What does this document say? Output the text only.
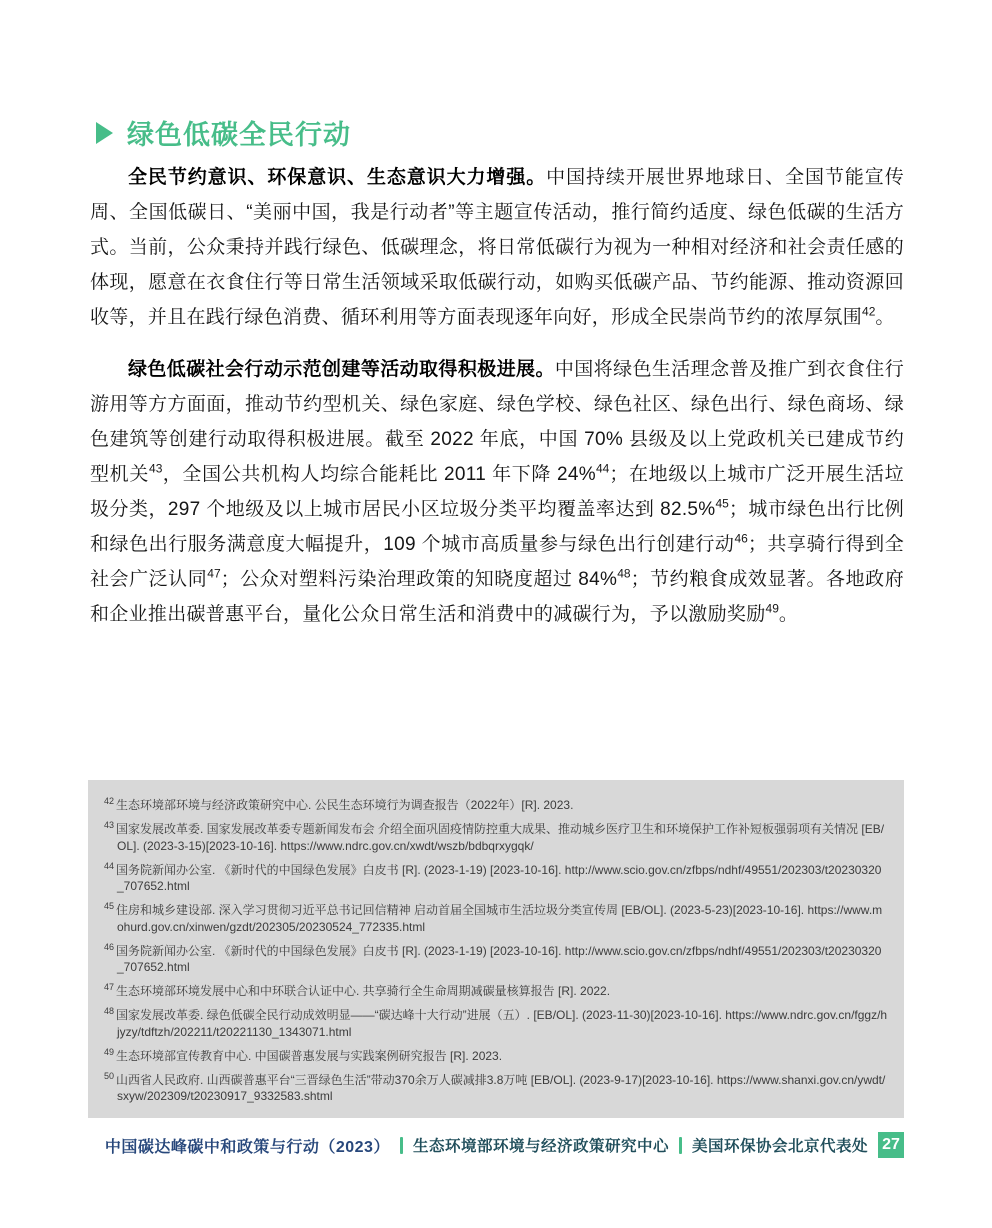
绿色低碳全民行动

全民节约意识、环保意识、生态意识大力增强。中国持续开展世界地球日、全国节能宣传周、全国低碳日、“美丽中国，我是行动者”等主题宣传活动，推行简约适度、绿色低碳的生活方式。当前，公众秉持并践行绿色、低碳理念，将日常低碳行为视为一种相对经济和社会责任感的体现，愿意在衣食住行等日常生活领域采取低碳行动，如购买低碳产品、节约能源、推动资源回收等，并且在践行绿色消费、循环利用等方面表现逐年向好，形成全民崇尚节约的浓厚氛围$^{42}$。

绿色低碳社会行动示范创建等活动取得积极进展。中国将绿色生活理念普及推广到衣食住行游用等方方面面，推动节约型机关、绿色家庭、绿色学校、绿色社区、绿色出行、绿色商场、绿色建筑等创建行动取得积极进展。截至 2022 年底，中国 70% 县级及以上党政机关已建成节约型机关$^{43}$，全国公共机构人均综合能耗比 2011 年下降 24%$^{44}$；在地级以上城市广泛开展生活垃圾分类，297 个地级及以上城市居民小区垃圾分类平均覆盖率达到 82.5%$^{45}$；城市绿色出行比例和绿色出行服务满意度大幅提升，109 个城市高质量参与绿色出行创建行动$^{46}$；共享骑行得到全社会广泛认同$^{47}$；公众对塑料污染治理政策的知晓度超过 84%$^{48}$；节约粮食成效显著。各地政府和企业推出碳普惠平台，量化公众日常生活和消费中的减碳行为，予以激励奖励$^{49}$。

$^{42}$ 生态环境部环境与经济政策研究中心. 公民生态环境行为调查报告（2022年）[R]. 2023.
$^{43}$ 国家发展改革委. 国家发展改革委专题新闻发布会 介绍全面巩固疫情防控重大成果、推动城乡医疗卫生和环境保护工作补短板强弱项有关情况 [EB/OL]. (2023-3-15)[2023-10-16]. https://www.ndrc.gov.cn/xwdt/wszb/bdbqrxygqk/
$^{44}$ 国务院新闻办公室. 《新时代的中国绿色发展》白皮书 [R]. (2023-1-19) [2023-10-16]. http://www.scio.gov.cn/zfbps/ndhf/49551/202303/t20230320_707652.html
$^{45}$ 住房和城乡建设部. 深入学习贯彻习近平总书记回信精神 启动首届全国城市生活垃圾分类宣传周 [EB/OL]. (2023-5-23)[2023-10-16]. https://www.mohurd.gov.cn/xinwen/gzdt/202305/20230524_772335.html
$^{46}$ 国务院新闻办公室. 《新时代的中国绿色发展》白皮书 [R]. (2023-1-19) [2023-10-16]. http://www.scio.gov.cn/zfbps/ndhf/49551/202303/t20230320_707652.html
$^{47}$ 生态环境部环境发展中心和中环联合认证中心. 共享骑行全生命周期减碳量核算报告 [R]. 2022.
$^{48}$ 国家发展改革委. 绿色低碳全民行动成效明显——“碳达峰十大行动”进展（五）. [EB/OL]. (2023-11-30)[2023-10-16]. https://www.ndrc.gov.cn/fggz/hjyzy/tdftzh/202211/t20221130_1343071.html
$^{49}$ 生态环境部宣传教育中心. 中国碳普惠发展与实践案例研究报告 [R]. 2023.
$^{50}$ 山西省人民政府. 山西碳普惠平台“三晋绿色生活”带动370余万人碳减排3.8万吨 [EB/OL]. (2023-9-17)[2023-10-16]. https://www.shanxi.gov.cn/ywdt/sxyw/202309/t20230917_9332583.shtml
中国碳达峰碳中和政策与行动（2023） 生态环境部环境与经济政策研究中心 美国环保协会北京代表处 27
